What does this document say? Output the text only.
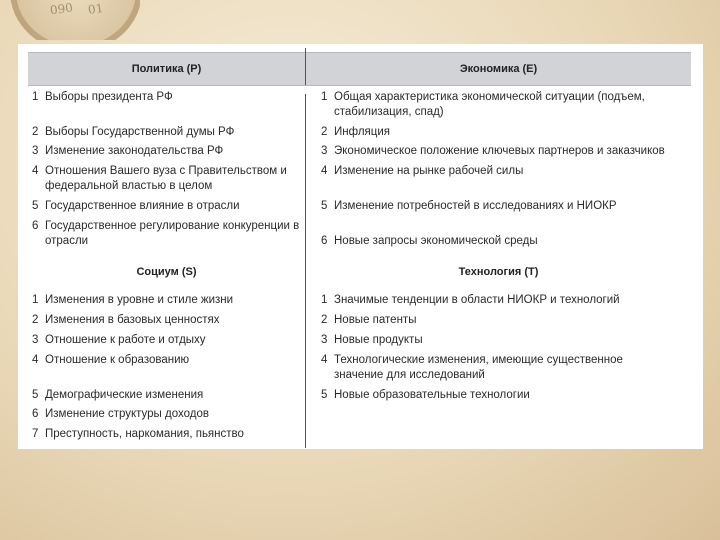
090 01
Политика (P)	Экономика (E)
1 Выборы президента РФ
2 Выборы Государственной думы РФ
3 Изменение законодательства РФ
4 Отношения Вашего вуза с Правительством и федеральной властью в целом
5 Государственное влияние в отрасли
6 Государственное регулирование конкуренции в отрасли
1 Общая характеристика экономической ситуации (подъем, стабилизация, спад)
2 Инфляция
3 Экономическое положение ключевых партнеров и заказчиков
4 Изменение на рынке рабочей силы
5 Изменение потребностей в исследованиях и НИОКР
6 Новые запросы экономической среды
Социум (S)	Технология (T)
1 Изменения в уровне и стиле жизни
2 Изменения в базовых ценностях
3 Отношение к работе и отдыху
4 Отношение к образованию
5 Демографические изменения
6 Изменение структуры доходов
7 Преступность, наркомания, пьянство
1 Значимые тенденции в области НИОКР и технологий
2 Новые патенты
3 Новые продукты
4 Технологические изменения, имеющие существенное значение для исследований
5 Новые образовательные технологии
